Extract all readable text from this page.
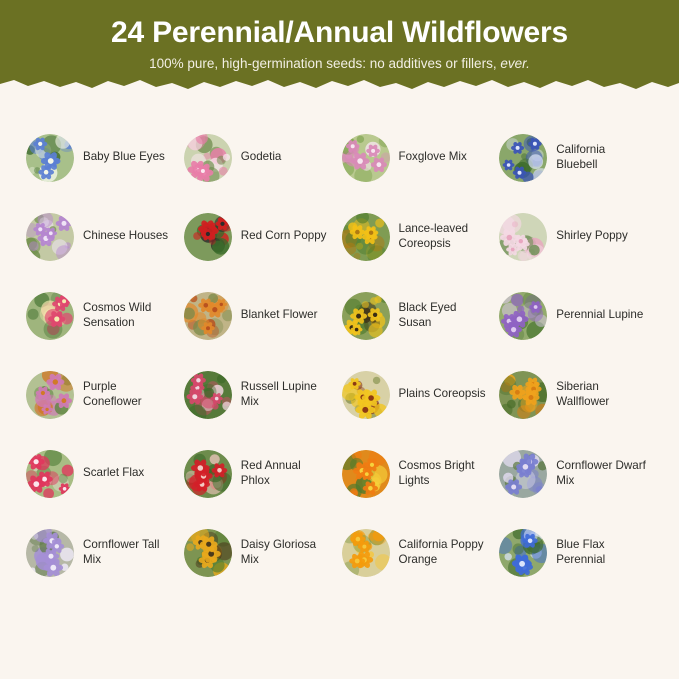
24 Perennial/Annual Wildflowers
100% pure, high-germination seeds: no additives or fillers, ever.
Baby Blue Eyes	Godetia	Foxglove Mix
California Bluebell
Chinese Houses	Red Corn Poppy
Lance-leaved Coreopsis
Shirley Poppy
Cosmos Wild Sensation
Blanket Flower
Black Eyed Susan
Perennial Lupine
Purple Coneflower
Russell Lupine Mix
Plains Coreopsis
Siberian Wallflower
Scarlet Flax
Red Annual Phlox
Cosmos Bright Lights
Cornflower Dwarf Mix
Cornflower Tall Mix
Daisy Gloriosa Mix
California Poppy Orange
Blue Flax Perennial
